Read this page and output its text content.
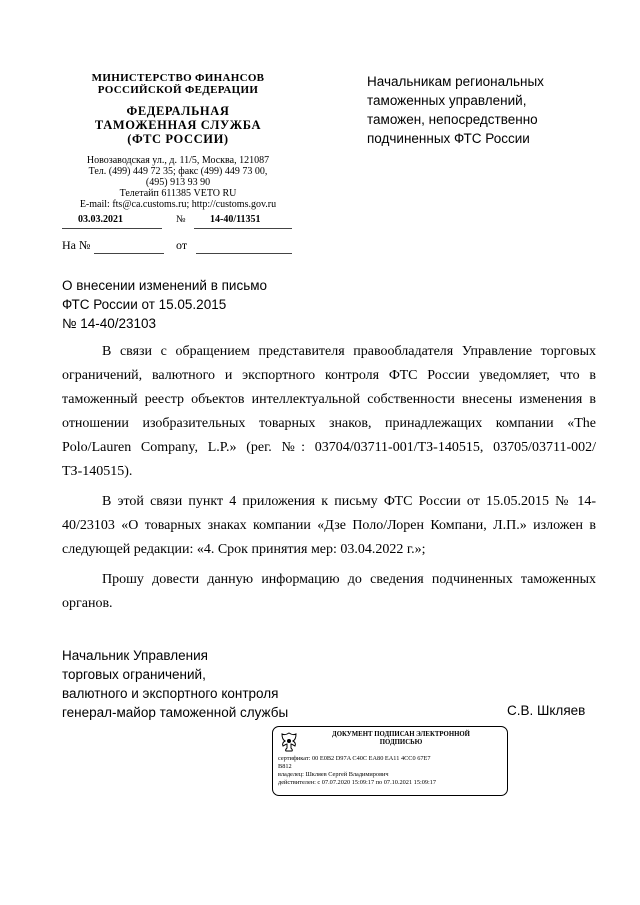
МИНИСТЕРСТВО ФИНАНСОВ
РОССИЙСКОЙ ФЕДЕРАЦИИ
ФЕДЕРАЛЬНАЯ
ТАМОЖЕННАЯ СЛУЖБА
(ФТС РОССИИ)
Новозаводская ул., д. 11/5, Москва, 121087
Тел. (499) 449 72 35; факс (499) 449 73 00,
(495) 913 93 90
Телетайп 611385 VETO RU
E-mail: fts@ca.customs.ru; http://customs.gov.ru
03.03.2021	№ 14-40/11351
На №	от
Начальникам региональных
таможенных управлений,
таможен, непосредственно
подчиненных ФТС России
О внесении изменений в письмо
ФТС России от 15.05.2015
№ 14-40/23103

В связи с обращением представителя правообладателя Управление торговых ограничений, валютного и экспортного контроля ФТС России уведомляет, что в таможенный реестр объектов интеллектуальной собственности внесены изменения в отношении изобразительных товарных знаков, принадлежащих компании «The Polo/Lauren Company, L.P.» (рег. №: 03704/03711-001/ТЗ-140515, 03705/03711-002/ТЗ-140515).

В этой связи пункт 4 приложения к письму ФТС России от 15.05.2015 № 14-40/23103 «О товарных знаках компании «Дзе Поло/Лорен Компани, Л.П.» изложен в следующей редакции: «4. Срок принятия мер: 03.04.2022 г.»;

Прошу довести данную информацию до сведения подчиненных таможенных органов.

Начальник Управления
торговых ограничений,
валютного и экспортного контроля
генерал-майор таможенной службы	С.В. Шкляев
ДОКУМЕНТ ПОДПИСАН ЭЛЕКТРОННОЙ
ПОДПИСЬЮ
сертификат: 00 E0B2 D97A C40C EA80 EA11 4CC0 67E7
B812
владелец: Шкляев Сергей Владимирович
действителен: с 07.07.2020 15:09:17 по 07.10.2021 15:09:17
